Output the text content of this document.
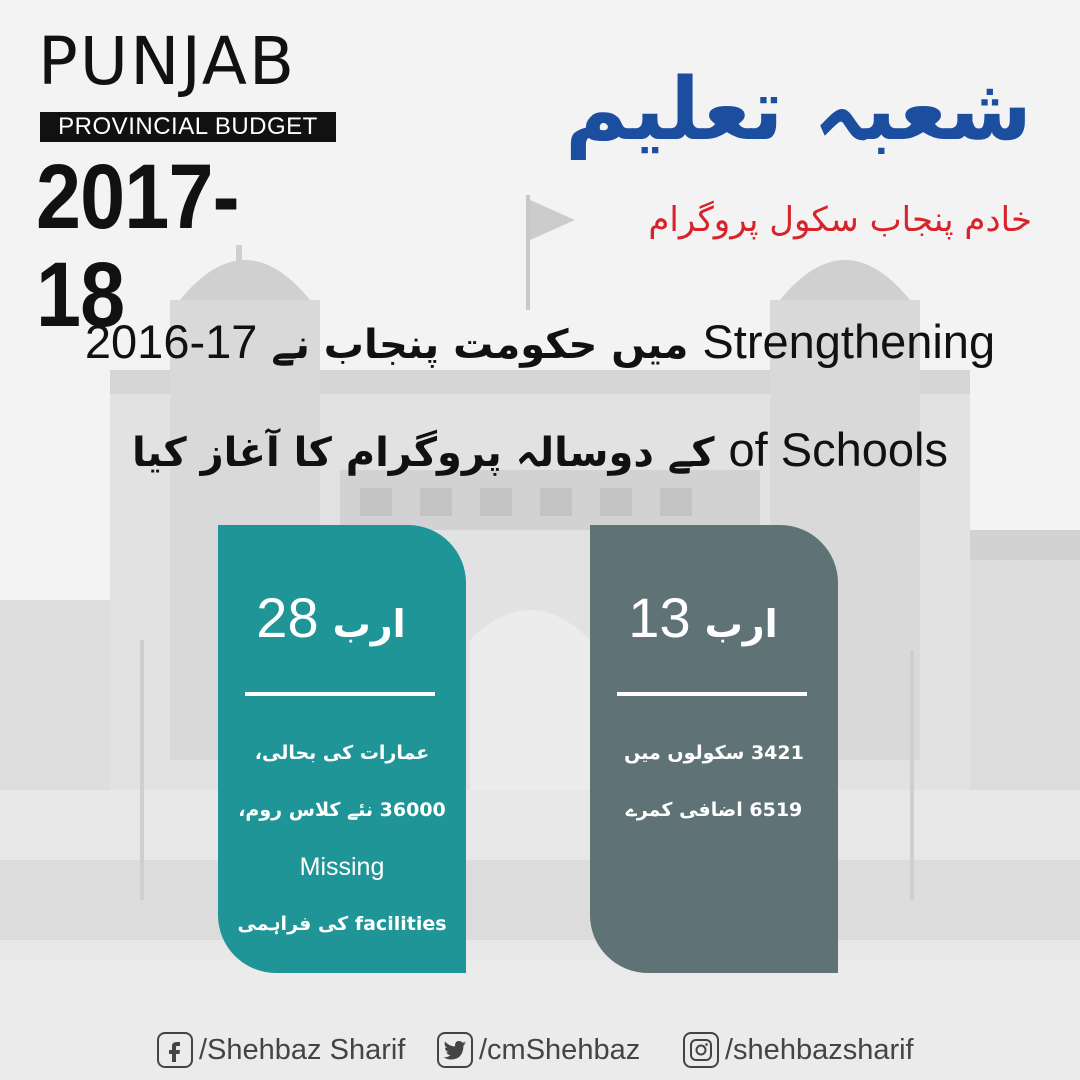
PUNJAB
PROVINCIAL BUDGET
2017-18
شعبہ تعلیم
خادم پنجاب سکول پروگرام
2016-17 میں حکومت پنجاب نے Strengthening
کے دوسالہ پروگرام کا آغاز کیا of Schools
ارب 28
عمارات کی بحالی،
36000 نئے کلاس روم،
Missing
facilities کی فراہمی
ارب 13
3421 سکولوں میں
6519 اضافی کمرے
/Shehbaz Sharif	/cmShehbaz	/shehbazsharif
